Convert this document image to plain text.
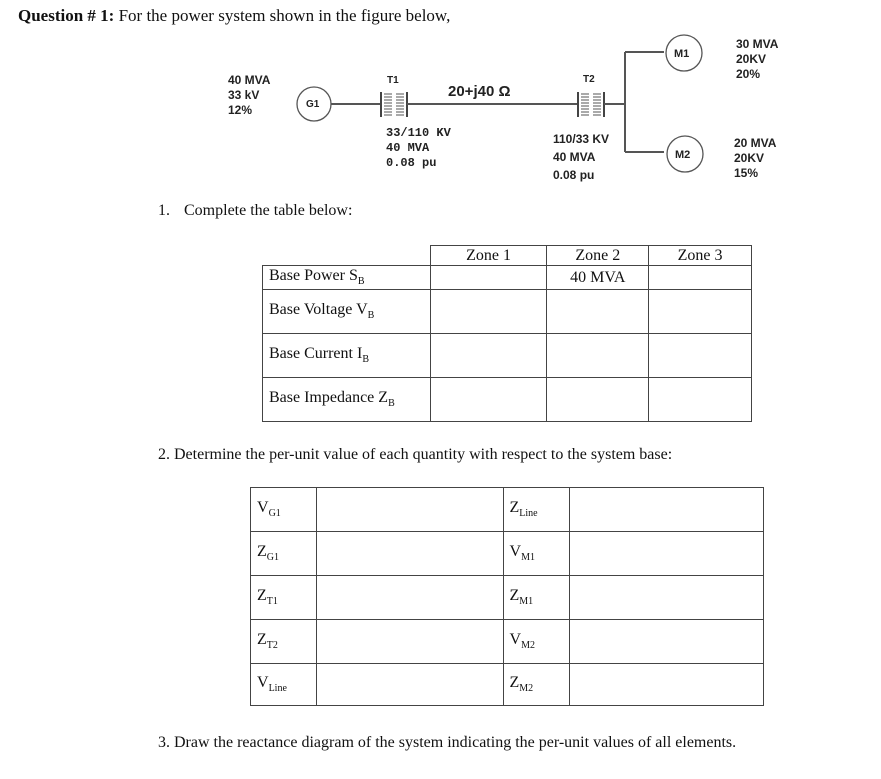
Question # 1: For the power system shown in the figure below,
40 MVA
33 kV
12%	G1
T1
33/110 KV
40 MVA
0.08 pu
20+j40 Ω
T2
110/33 KV
40 MVA
0.08 pu
M1
30 MVA
20KV
20%
M2
20 MVA
20KV
15%
1. Complete the table below:
	Zone 1	Zone 2	Zone 3
Base Power $S_B$		40 MVA	
Base Voltage $V_B$			
Base Current $I_B$			
Base Impedance $Z_B$			
2. Determine the per-unit value of each quantity with respect to the system base:
$V_{G1}$		$Z_{Line}$	
$Z_{G1}$		$V_{M1}$	
$Z_{T1}$		$Z_{M1}$	
$Z_{T2}$		$V_{M2}$	
$V_{Line}$		$Z_{M2}$	
3. Draw the reactance diagram of the system indicating the per-unit values of all elements.
